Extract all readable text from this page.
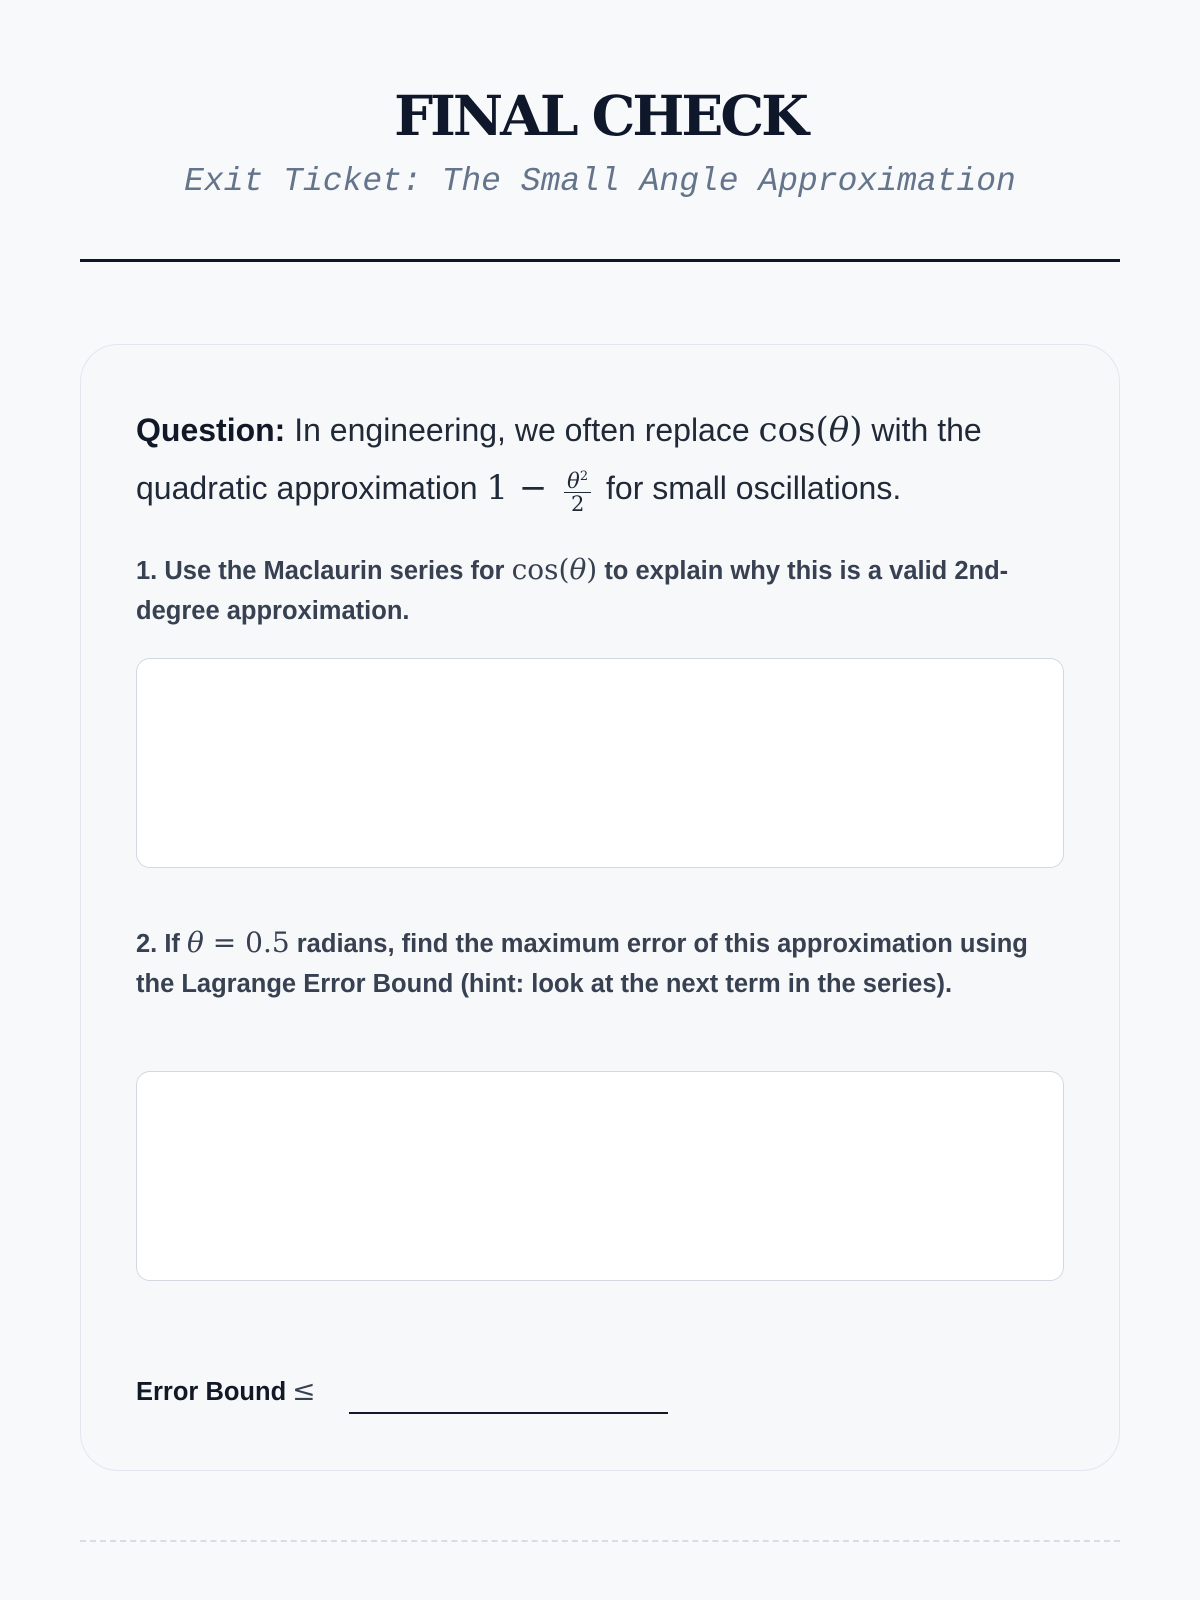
FINAL CHECK
Exit Ticket: The Small Angle Approximation
Question: In engineering, we often replace cos(θ) with the quadratic approximation $1 - \frac{\theta^2}{2}$ for small oscillations.
1. Use the Maclaurin series for cos(θ) to explain why this is a valid 2nd-degree approximation.
2. If θ = 0.5 radians, find the maximum error of this approximation using the Lagrange Error Bound (hint: look at the next term in the series).
Error Bound ≤
